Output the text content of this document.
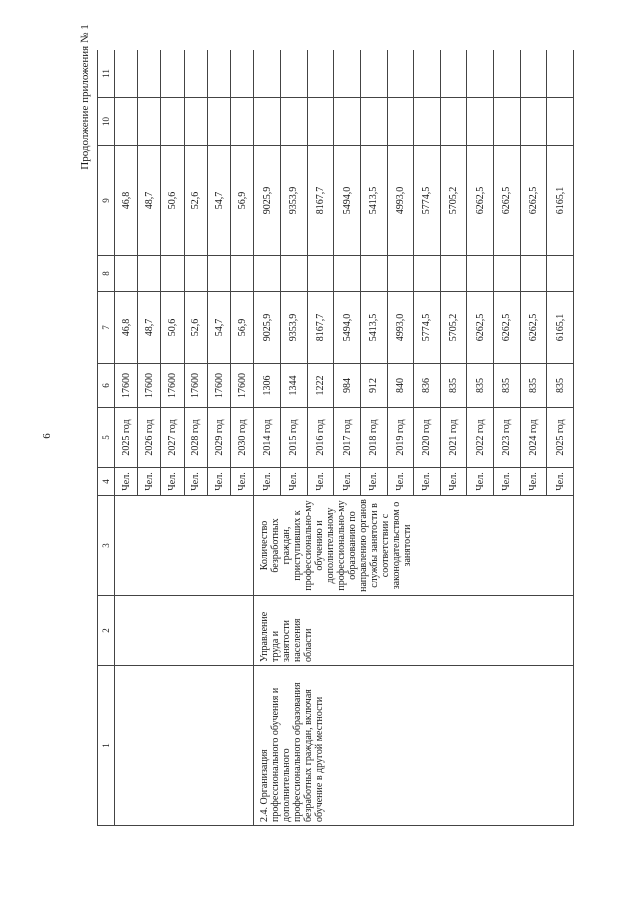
6
Продолжение приложения № 1
1	2	3	4	5	6	7	8	9	10	11
			Чел.	2025 год	17600	46,8		46,8		
			Чел.	2026 год	17600	48,7		48,7		
			Чел.	2027 год	17600	50,6		50,6		
			Чел.	2028 год	17600	52,6		52,6		
			Чел.	2029 год	17600	54,7		54,7		
			Чел.	2030 год	17600	56,9		56,9		
2.4. Организация профессионального обучения и дополнительного профессионального образования безработных граждан, включая обучение в другой местности	Управление труда и занятости населения области	Количество безработных граждан, приступивших к профессионально-му обучению и дополнительному профессионально-му образованию по направлению органов службы занятости в соответствии с законодательством о занятости	Чел.	2014 год	1306	9025,9		9025,9		
			Чел.	2015 год	1344	9353,9		9353,9		
			Чел.	2016 год	1222	8167,7		8167,7		
			Чел.	2017 год	984	5494,0		5494,0		
			Чел.	2018 год	912	5413,5		5413,5		
			Чел.	2019 год	840	4993,0		4993,0		
			Чел.	2020 год	836	5774,5		5774,5		
			Чел.	2021 год	835	5705,2		5705,2		
			Чел.	2022 год	835	6262,5		6262,5		
			Чел.	2023 год	835	6262,5		6262,5		
			Чел.	2024 год	835	6262,5		6262,5		
			Чел.	2025 год	835	6165,1		6165,1		
